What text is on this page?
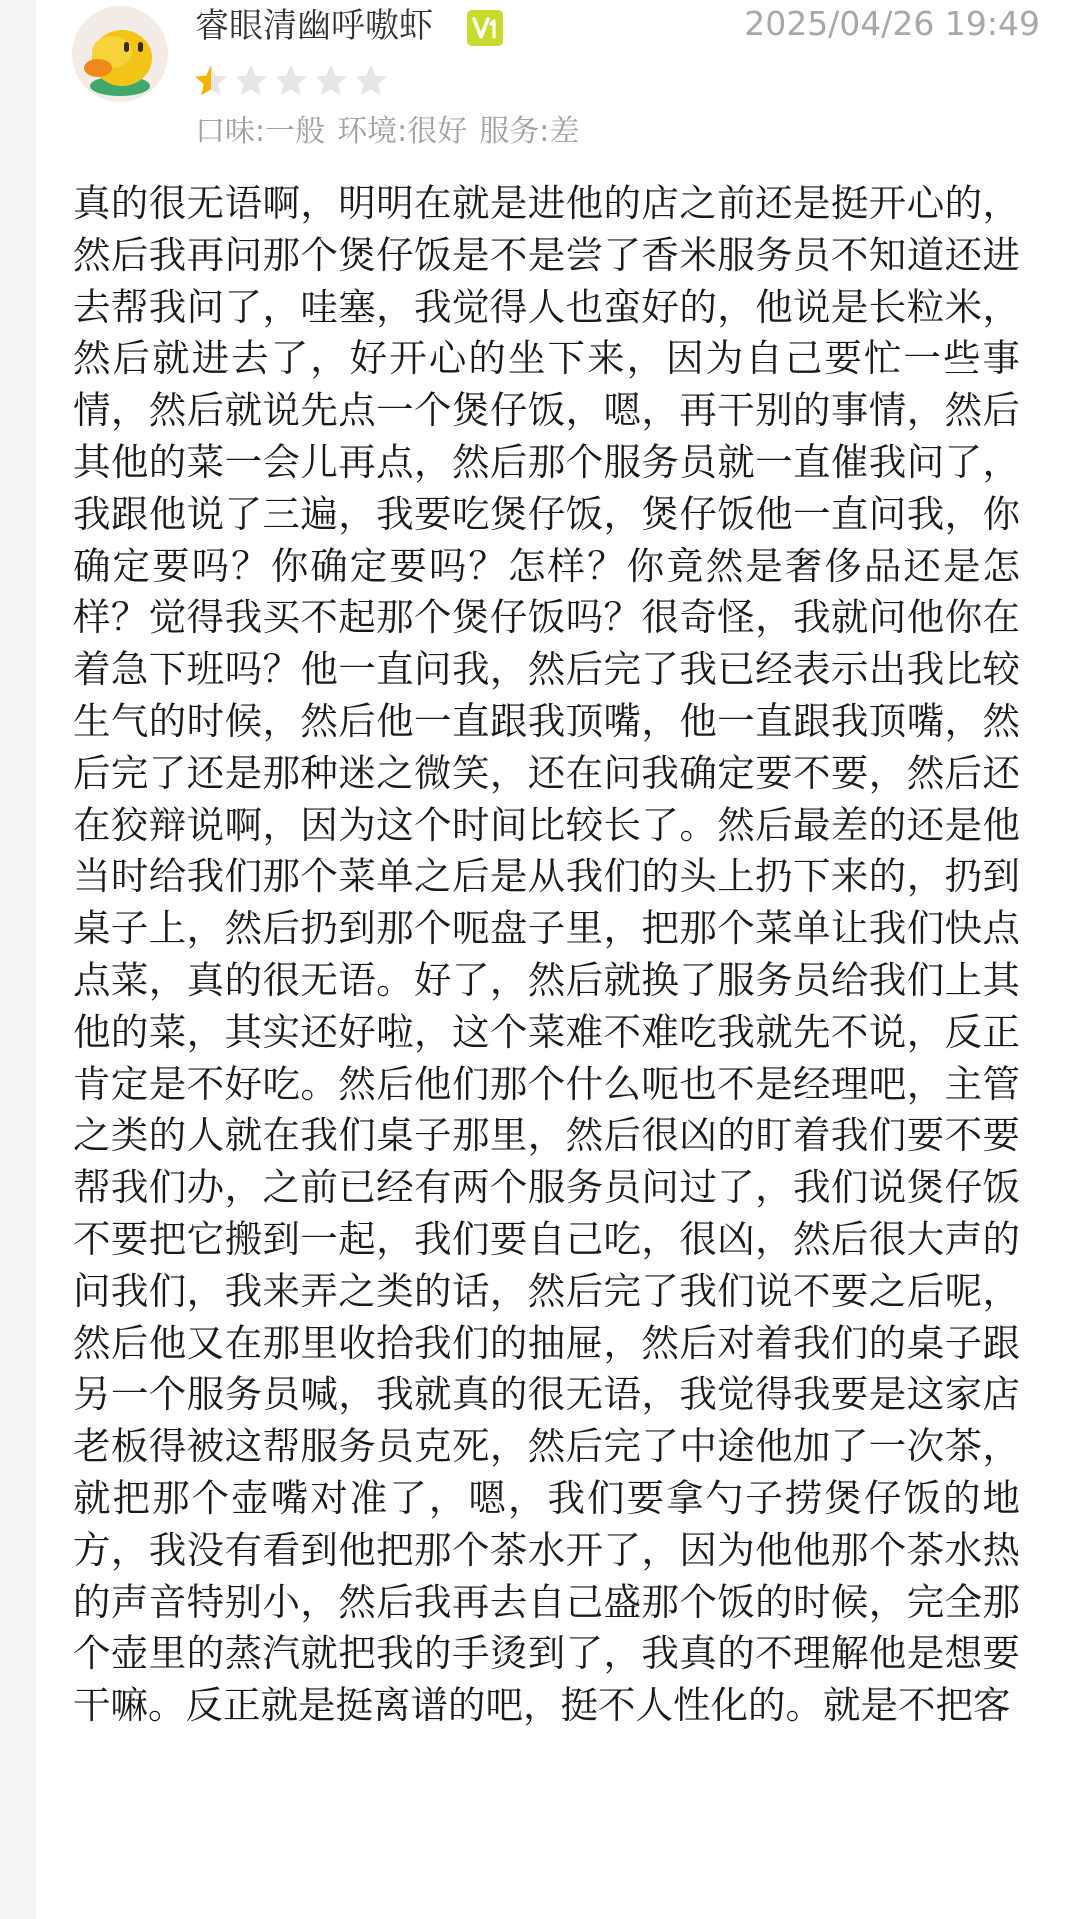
睿眼清幽呼嗷虾	2025/04/26 19:49
口味:一般 环境:很好 服务:差

真的很无语啊，明明在就是进他的店之前还是挺开心的，然后我再问那个煲仔饭是不是尝了香米服务员不知道还进去帮我问了，哇塞，我觉得人也蛮好的，他说是长粒米，然后就进去了，好开心的坐下来，因为自己要忙一些事情，然后就说先点一个煲仔饭，嗯，再干别的事情，然后其他的菜一会儿再点，然后那个服务员就一直催我问了，我跟他说了三遍，我要吃煲仔饭，煲仔饭他一直问我，你确定要吗？你确定要吗？怎样？你竟然是奢侈品还是怎样？觉得我买不起那个煲仔饭吗？很奇怪，我就问他你在着急下班吗？他一直问我，然后完了我已经表示出我比较生气的时候，然后他一直跟我顶嘴，他一直跟我顶嘴，然后完了还是那种迷之微笑，还在问我确定要不要，然后还在狡辩说啊，因为这个时间比较长了。然后最差的还是他当时给我们那个菜单之后是从我们的头上扔下来的，扔到桌子上，然后扔到那个呃盘子里，把那个菜单让我们快点点菜，真的很无语。好了，然后就换了服务员给我们上其他的菜，其实还好啦，这个菜难不难吃我就先不说，反正肯定是不好吃。然后他们那个什么呃也不是经理吧，主管之类的人就在我们桌子那里，然后很凶的盯着我们要不要帮我们办，之前已经有两个服务员问过了，我们说煲仔饭不要把它搬到一起，我们要自己吃，很凶，然后很大声的问我们，我来弄之类的话，然后完了我们说不要之后呢，然后他又在那里收拾我们的抽屉，然后对着我们的桌子跟另一个服务员喊，我就真的很无语，我觉得我要是这家店老板得被这帮服务员克死，然后完了中途他加了一次茶，就把那个壶嘴对准了，嗯，我们要拿勺子捞煲仔饭的地方，我没有看到他把那个茶水开了，因为他他那个茶水热的声音特别小，然后我再去自己盛那个饭的时候，完全那个壶里的蒸汽就把我的手烫到了，我真的不理解他是想要干嘛。反正就是挺离谱的吧，挺不人性化的。就是不把客
